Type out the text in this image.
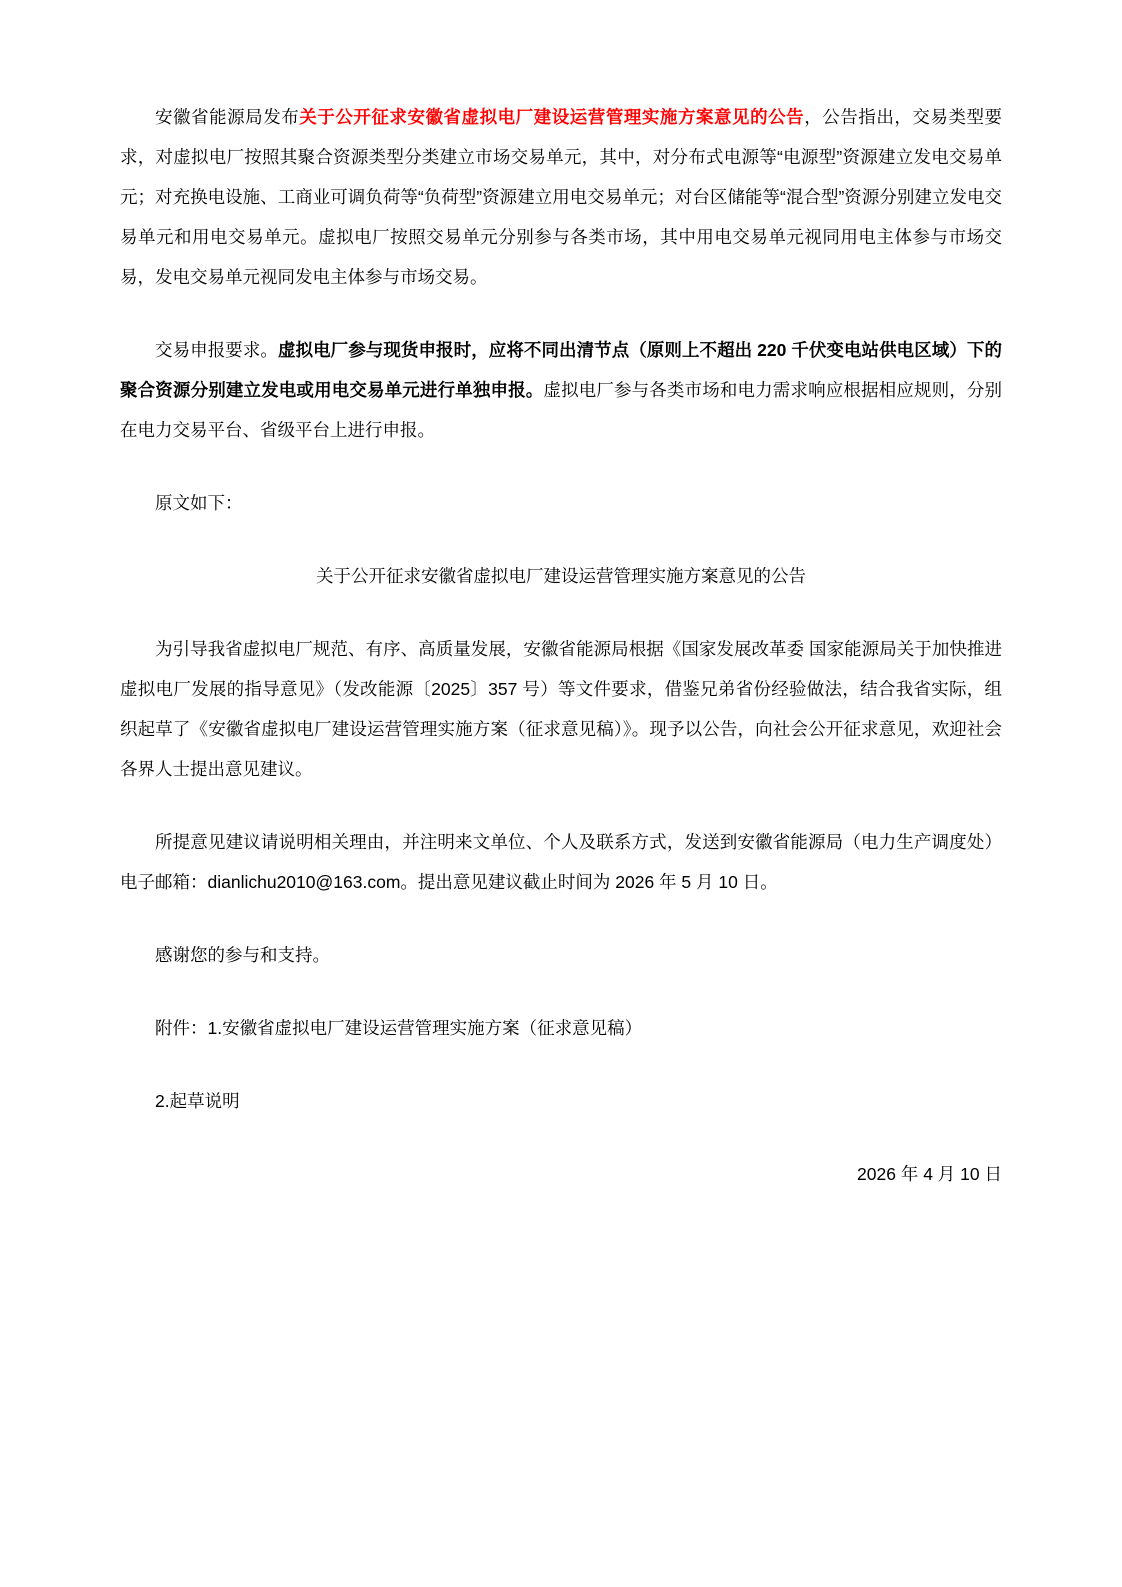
安徽省能源局发布关于公开征求安徽省虚拟电厂建设运营管理实施方案意见的公告，公告指出，交易类型要求，对虚拟电厂按照其聚合资源类型分类建立市场交易单元，其中，对分布式电源等“电源型”资源建立发电交易单元；对充换电设施、工商业可调负荷等“负荷型”资源建立用电交易单元；对台区储能等“混合型”资源分别建立发电交易单元和用电交易单元。虚拟电厂按照交易单元分别参与各类市场，其中用电交易单元视同用电主体参与市场交易，发电交易单元视同发电主体参与市场交易。

交易申报要求。虚拟电厂参与现货申报时，应将不同出清节点（原则上不超出 220 千伏变电站供电区域）下的聚合资源分别建立发电或用电交易单元进行单独申报。虚拟电厂参与各类市场和电力需求响应根据相应规则，分别在电力交易平台、省级平台上进行申报。

原文如下：

关于公开征求安徽省虚拟电厂建设运营管理实施方案意见的公告

为引导我省虚拟电厂规范、有序、高质量发展，安徽省能源局根据《国家发展改革委 国家能源局关于加快推进虚拟电厂发展的指导意见》（发改能源〔2025〕357 号）等文件要求，借鉴兄弟省份经验做法，结合我省实际，组织起草了《安徽省虚拟电厂建设运营管理实施方案（征求意见稿）》。现予以公告，向社会公开征求意见，欢迎社会各界人士提出意见建议。

所提意见建议请说明相关理由，并注明来文单位、个人及联系方式，发送到安徽省能源局（电力生产调度处）电子邮箱：dianlichu2010@163.com。提出意见建议截止时间为 2026 年 5 月 10 日。

感谢您的参与和支持。

附件：1.安徽省虚拟电厂建设运营管理实施方案（征求意见稿）

2.起草说明

2026 年 4 月 10 日
